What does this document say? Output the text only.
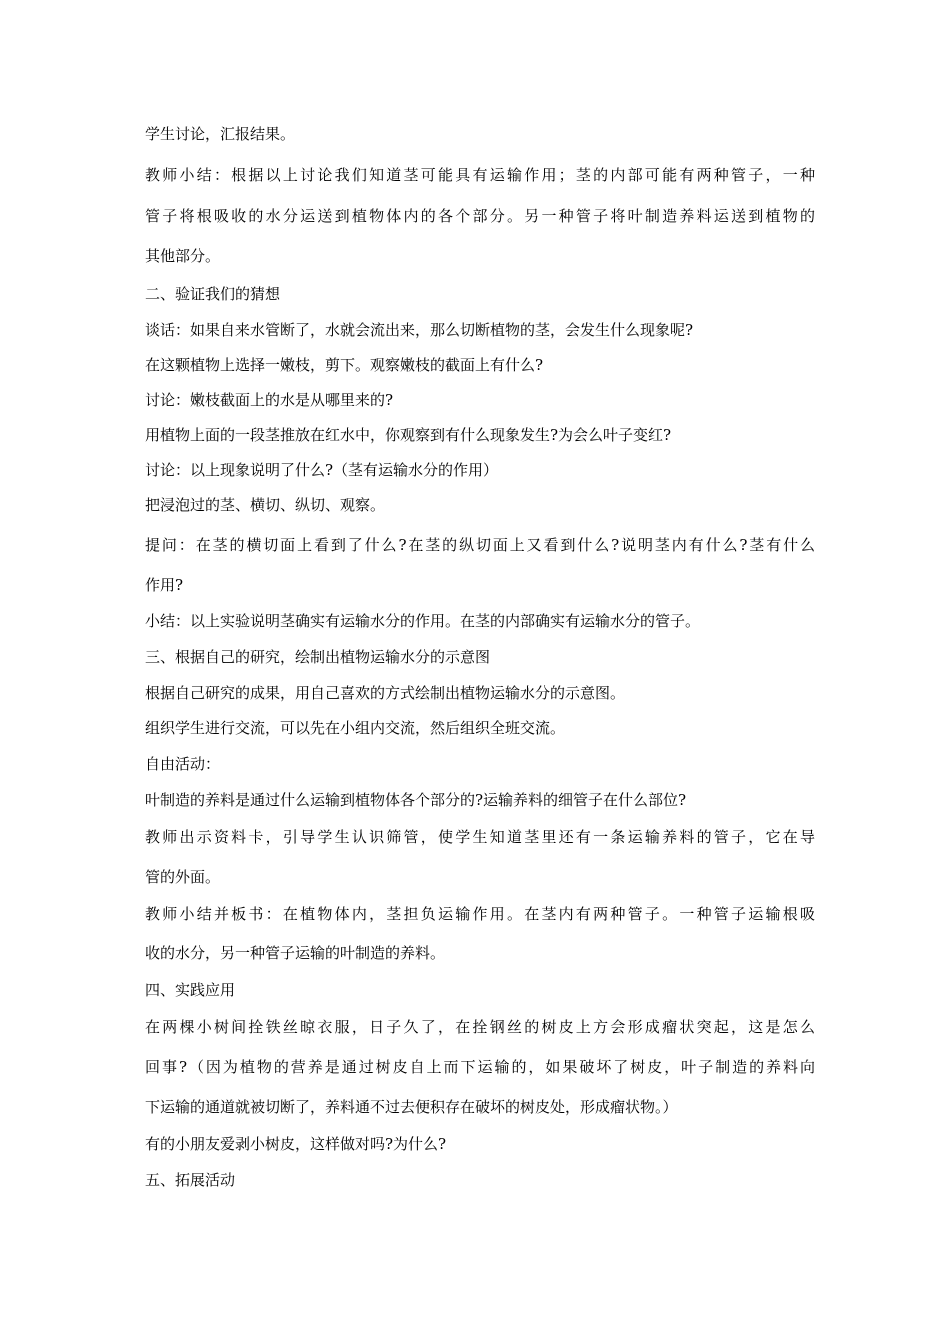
学生讨论，汇报结果。
教师小结：根据以上讨论我们知道茎可能具有运输作用；茎的内部可能有两种管子，一种
管子将根吸收的水分运送到植物体内的各个部分。另一种管子将叶制造养料运送到植物的
其他部分。
二、验证我们的猜想
谈话：如果自来水管断了，水就会流出来，那么切断植物的茎，会发生什么现象呢?
在这颗植物上选择一嫩枝，剪下。观察嫩枝的截面上有什么?
讨论：嫩枝截面上的水是从哪里来的?
用植物上面的一段茎推放在红水中，你观察到有什么现象发生?为会么叶子变红?
讨论：以上现象说明了什么?（茎有运输水分的作用）
把浸泡过的茎、横切、纵切、观察。
提问：在茎的横切面上看到了什么?在茎的纵切面上又看到什么?说明茎内有什么?茎有什么
作用?
小结：以上实验说明茎确实有运输水分的作用。在茎的内部确实有运输水分的管子。
三、根据自己的研究，绘制出植物运输水分的示意图
根据自己研究的成果，用自己喜欢的方式绘制出植物运输水分的示意图。
组织学生进行交流，可以先在小组内交流，然后组织全班交流。
自由活动：
叶制造的养料是通过什么运输到植物体各个部分的?运输养料的细管子在什么部位?
教师出示资料卡，引导学生认识筛管，使学生知道茎里还有一条运输养料的管子，它在导
管的外面。
教师小结并板书：在植物体内，茎担负运输作用。在茎内有两种管子。一种管子运输根吸
收的水分，另一种管子运输的叶制造的养料。
四、实践应用
在两棵小树间拴铁丝晾衣服，日子久了，在拴钢丝的树皮上方会形成瘤状突起，这是怎么
回事?（因为植物的营养是通过树皮自上而下运输的，如果破坏了树皮，叶子制造的养料向
下运输的通道就被切断了，养料通不过去便积存在破坏的树皮处，形成瘤状物。）
有的小朋友爱剥小树皮，这样做对吗?为什么?
五、拓展活动
